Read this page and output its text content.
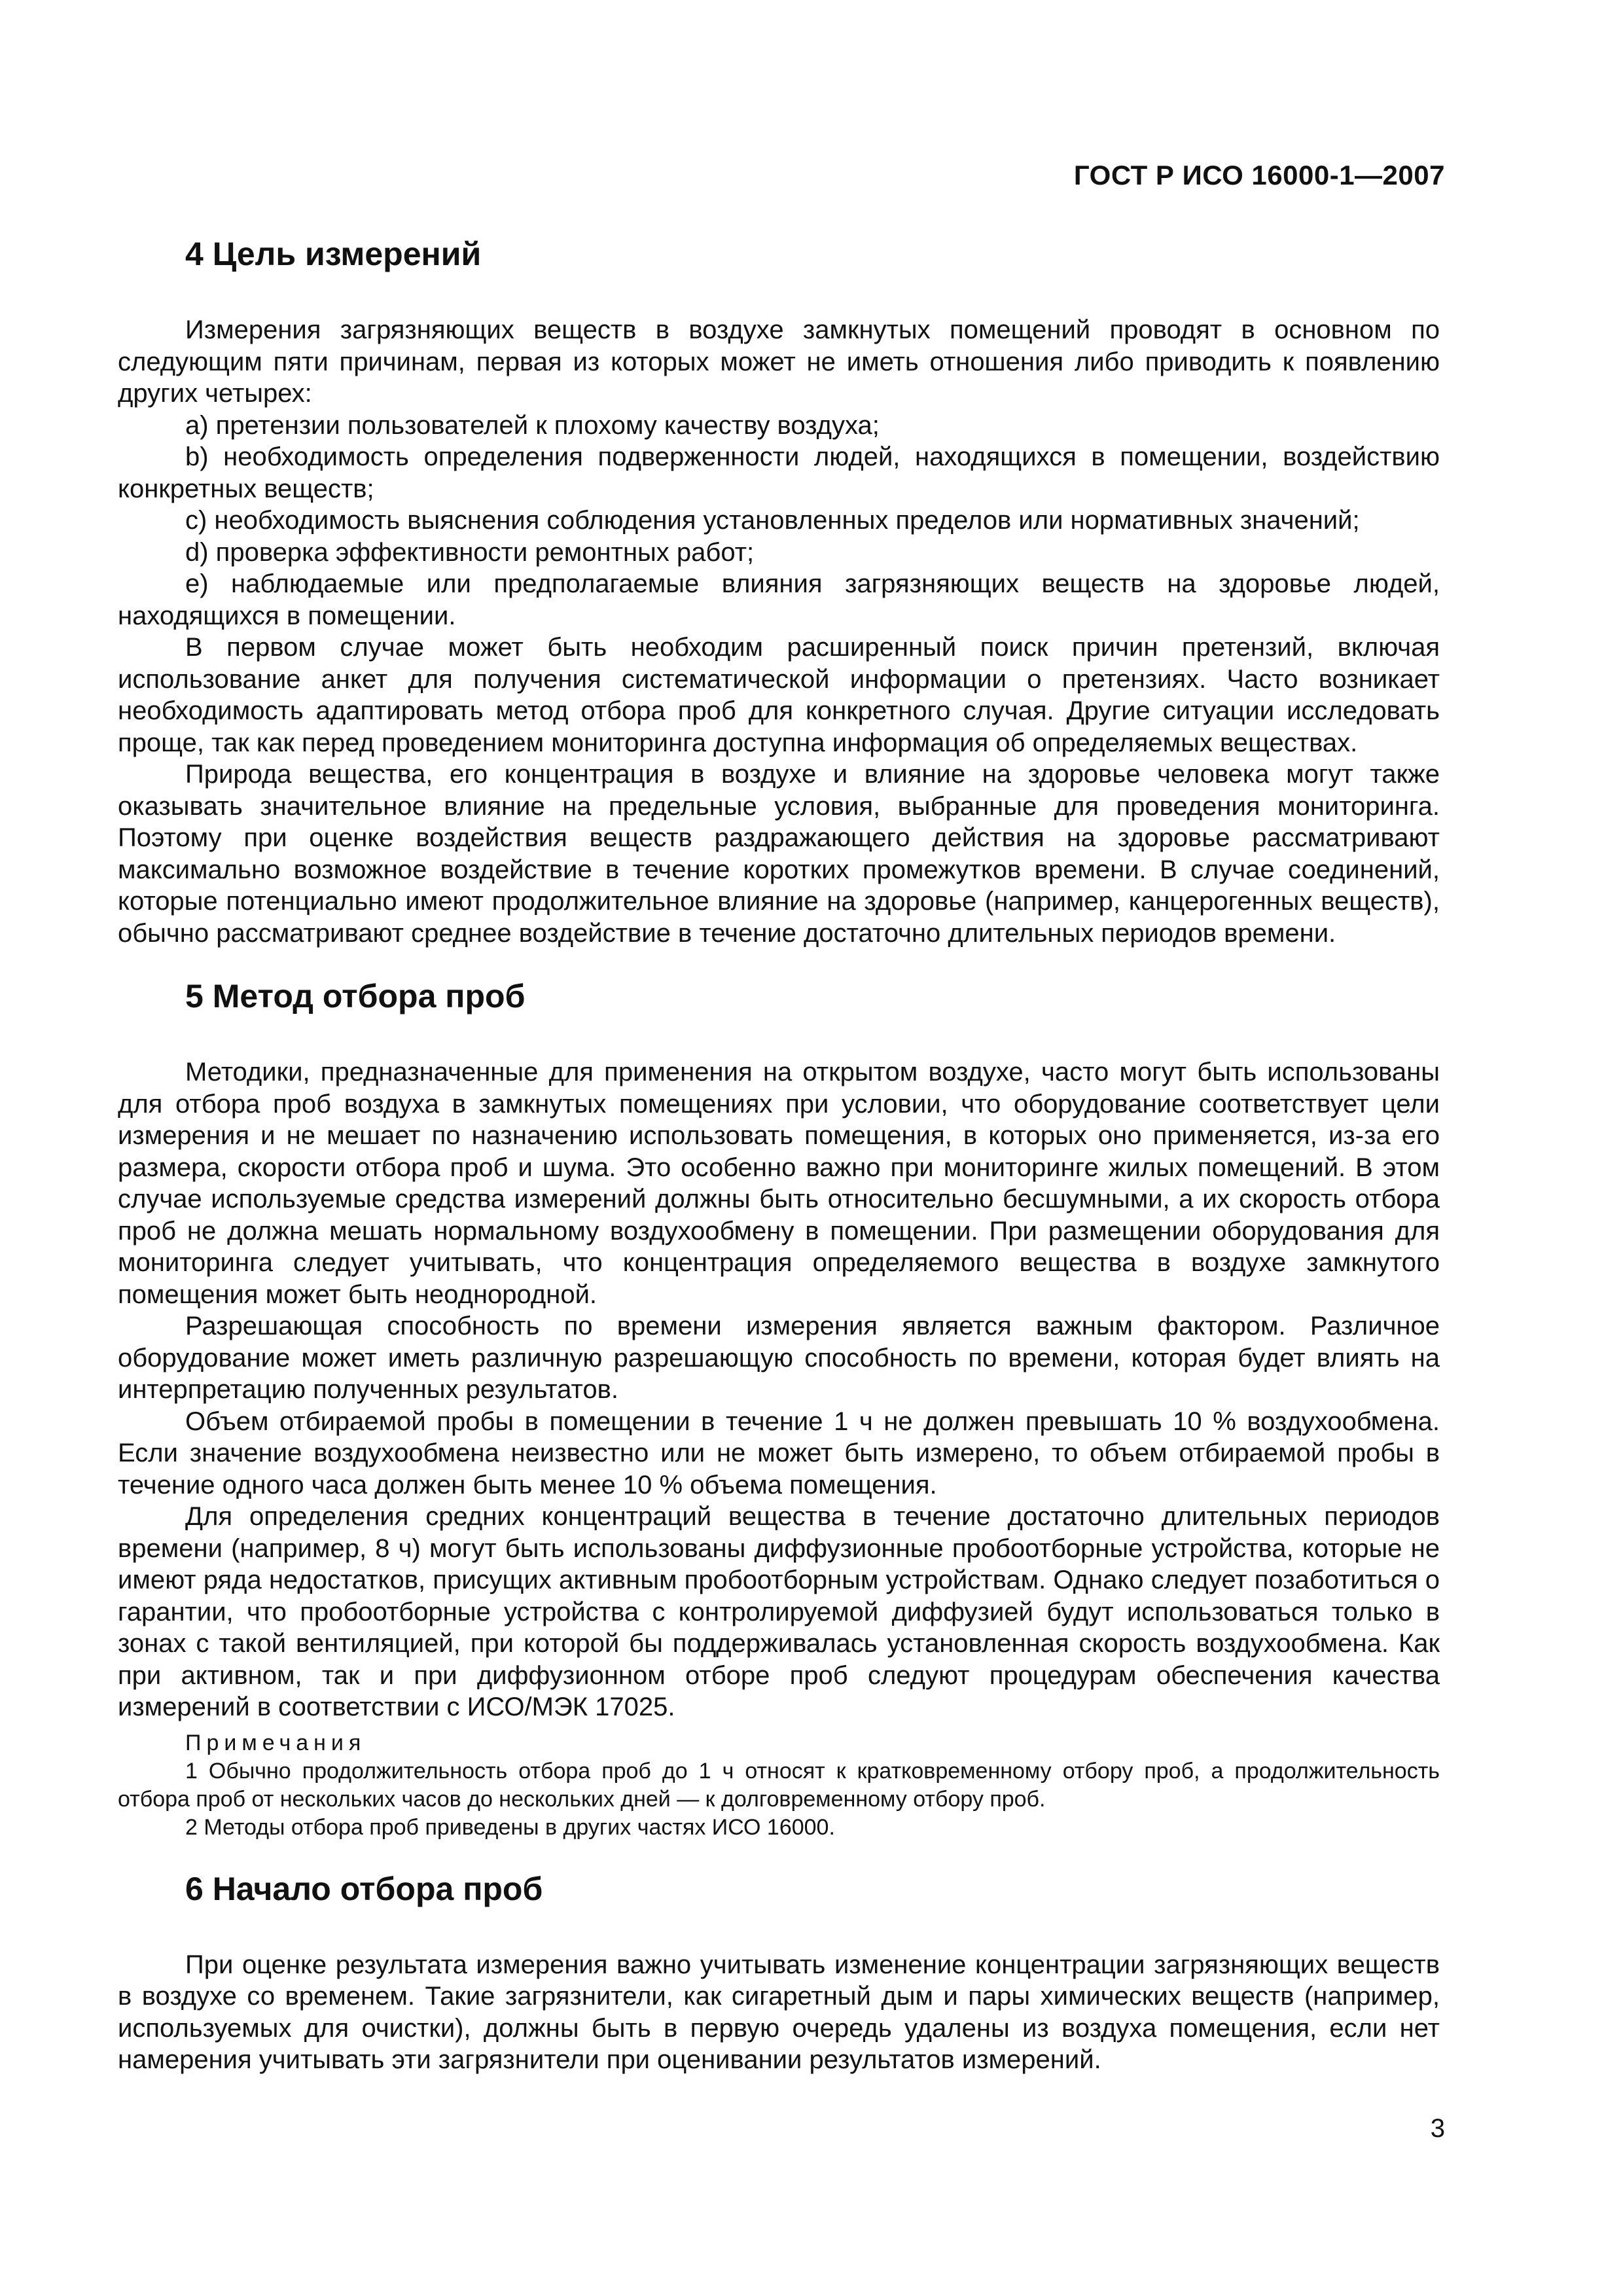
ГОСТ Р ИСО 16000-1—2007
4 Цель измерений

Измерения загрязняющих веществ в воздухе замкнутых помещений проводят в основном по следующим пяти причинам, первая из которых может не иметь отношения либо приводить к появлению других четырех:

a) претензии пользователей к плохому качеству воздуха;

b) необходимость определения подверженности людей, находящихся в помещении, воздействию конкретных веществ;

c) необходимость выяснения соблюдения установленных пределов или нормативных значений;

d) проверка эффективности ремонтных работ;

e) наблюдаемые или предполагаемые влияния загрязняющих веществ на здоровье людей, находящихся в помещении.

В первом случае может быть необходим расширенный поиск причин претензий, включая использование анкет для получения систематической информации о претензиях. Часто возникает необходимость адаптировать метод отбора проб для конкретного случая. Другие ситуации исследовать проще, так как перед проведением мониторинга доступна информация об определяемых веществах.

Природа вещества, его концентрация в воздухе и влияние на здоровье человека могут также оказывать значительное влияние на предельные условия, выбранные для проведения мониторинга. Поэтому при оценке воздействия веществ раздражающего действия на здоровье рассматривают максимально возможное воздействие в течение коротких промежутков времени. В случае соединений, которые потенциально имеют продолжительное влияние на здоровье (например, канцерогенных веществ), обычно рассматривают среднее воздействие в течение достаточно длительных периодов времени.

5 Метод отбора проб

Методики, предназначенные для применения на открытом воздухе, часто могут быть использованы для отбора проб воздуха в замкнутых помещениях при условии, что оборудование соответствует цели измерения и не мешает по назначению использовать помещения, в которых оно применяется, из-за его размера, скорости отбора проб и шума. Это особенно важно при мониторинге жилых помещений. В этом случае используемые средства измерений должны быть относительно бесшумными, а их скорость отбора проб не должна мешать нормальному воздухообмену в помещении. При размещении оборудования для мониторинга следует учитывать, что концентрация определяемого вещества в воздухе замкнутого помещения может быть неоднородной.

Разрешающая способность по времени измерения является важным фактором. Различное оборудование может иметь различную разрешающую способность по времени, которая будет влиять на интерпретацию полученных результатов.

Объем отбираемой пробы в помещении в течение 1 ч не должен превышать 10 % воздухообмена. Если значение воздухообмена неизвестно или не может быть измерено, то объем отбираемой пробы в течение одного часа должен быть менее 10 % объема помещения.

Для определения средних концентраций вещества в течение достаточно длительных периодов времени (например, 8 ч) могут быть использованы диффузионные пробоотборные устройства, которые не имеют ряда недостатков, присущих активным пробоотборным устройствам. Однако следует позаботиться о гарантии, что пробоотборные устройства с контролируемой диффузией будут использоваться только в зонах с такой вентиляцией, при которой бы поддерживалась установленная скорость воздухообмена. Как при активном, так и при диффузионном отборе проб следуют процедурам обеспечения качества измерений в соответствии с ИСО/МЭК 17025.

Примечания

1 Обычно продолжительность отбора проб до 1 ч относят к кратковременному отбору проб, а продолжительность отбора проб от нескольких часов до нескольких дней — к долговременному отбору проб.

2 Методы отбора проб приведены в других частях ИСО 16000.

6 Начало отбора проб

При оценке результата измерения важно учитывать изменение концентрации загрязняющих веществ в воздухе со временем. Такие загрязнители, как сигаретный дым и пары химических веществ (например, используемых для очистки), должны быть в первую очередь удалены из воздуха помещения, если нет намерения учитывать эти загрязнители при оценивании результатов измерений.

3
